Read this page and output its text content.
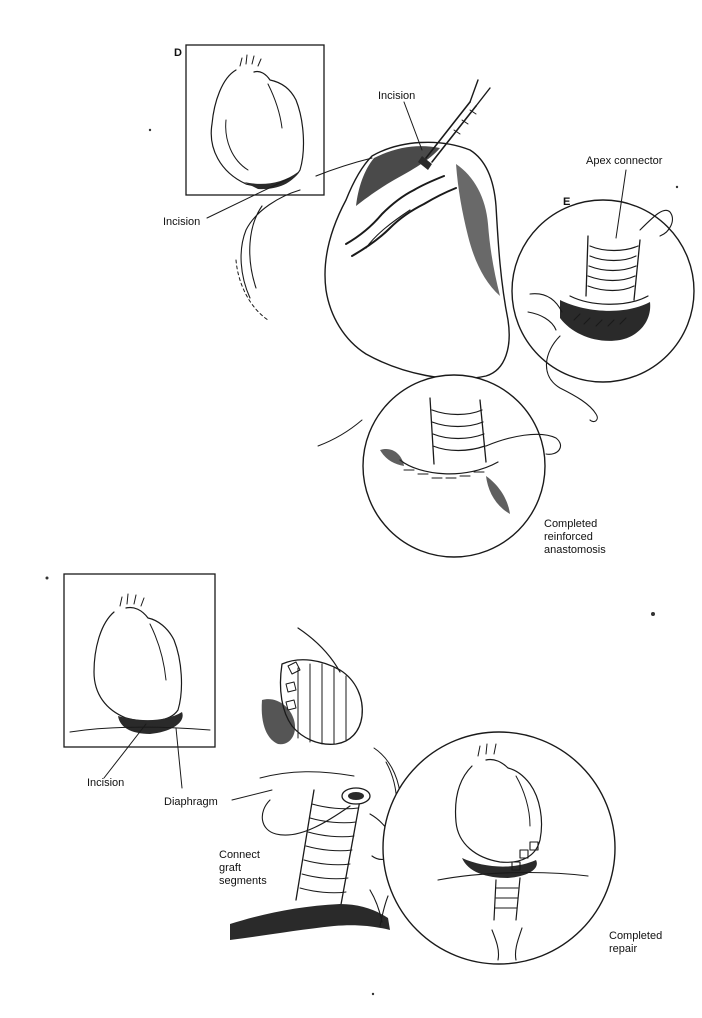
D
E
Incision
Incision
Apex connector
Completed
reinforced
anastomosis
Incision
Diaphragm
Connect
graft
segments
Completed
repair
